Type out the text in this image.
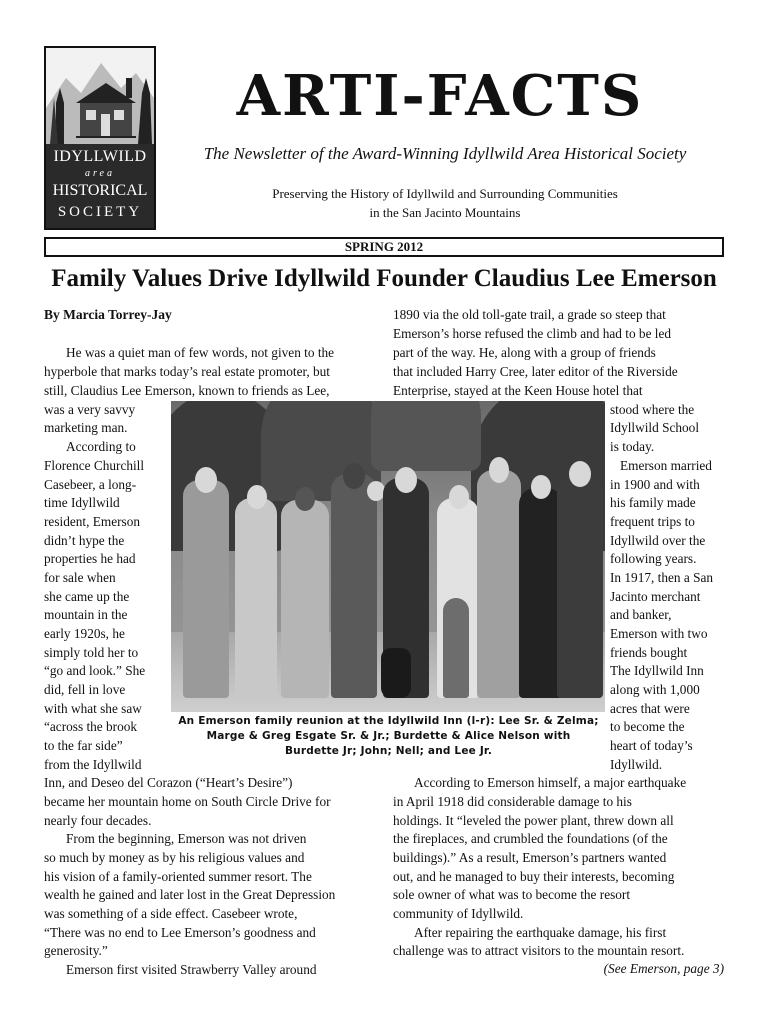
IDYLLWILD
area
HISTORICAL
SOCIETY
ARTI-FACTS
The Newsletter of the Award-Winning Idyllwild Area Historical Society
Preserving the History of Idyllwild and Surrounding Communities
in the San Jacinto Mountains
SPRING 2012
Family Values Drive Idyllwild Founder Claudius Lee Emerson
By Marcia Torrey-Jay
An Emerson family reunion at the Idyllwild Inn (l-r): Lee Sr. & Zelma;
Marge & Greg Esgate Sr. & Jr.; Burdette & Alice Nelson with
Burdette Jr; John; Nell; and Lee Jr.
He was a quiet man of few words, not given to the
hyperbole that marks today’s real estate promoter, but
still, Claudius Lee Emerson, known to friends as Lee,
was a very savvy
marketing man.
According to
Florence Churchill
Casebeer, a long-
time Idyllwild
resident, Emerson
didn’t hype the
properties he had
for sale when
she came up the
mountain in the
early 1920s, he
simply told her to
“go and look.” She
did, fell in love
with what she saw
“across the brook
to the far side”
from the Idyllwild
Inn, and Deseo del Corazon (“Heart’s Desire”)
became her mountain home on South Circle Drive for
nearly four decades.
From the beginning, Emerson was not driven
so much by money as by his religious values and
his vision of a family-oriented summer resort. The
wealth he gained and later lost in the Great Depression
was something of a side effect. Casebeer wrote,
“There was no end to Lee Emerson’s goodness and
generosity.”
Emerson first visited Strawberry Valley around
1890 via the old toll-gate trail, a grade so steep that
Emerson’s horse refused the climb and had to be led
part of the way. He, along with a group of friends
that included Harry Cree, later editor of the Riverside
Enterprise, stayed at the Keen House hotel that
stood where the
Idyllwild School
is today.
Emerson married
in 1900 and with
his family made
frequent trips to
Idyllwild over the
following years.
In 1917, then a San
Jacinto merchant
and banker,
Emerson with two
friends bought
The Idyllwild Inn
along with 1,000
acres that were
to become the
heart of today’s
Idyllwild.
According to Emerson himself, a major earthquake
in April 1918 did considerable damage to his
holdings. It “leveled the power plant, threw down all
the fireplaces, and crumbled the foundations (of the
buildings).” As a result, Emerson’s partners wanted
out, and he managed to buy their interests, becoming
sole owner of what was to become the resort
community of Idyllwild.
After repairing the earthquake damage, his first
challenge was to attract visitors to the mountain resort.
(See Emerson, page 3)
